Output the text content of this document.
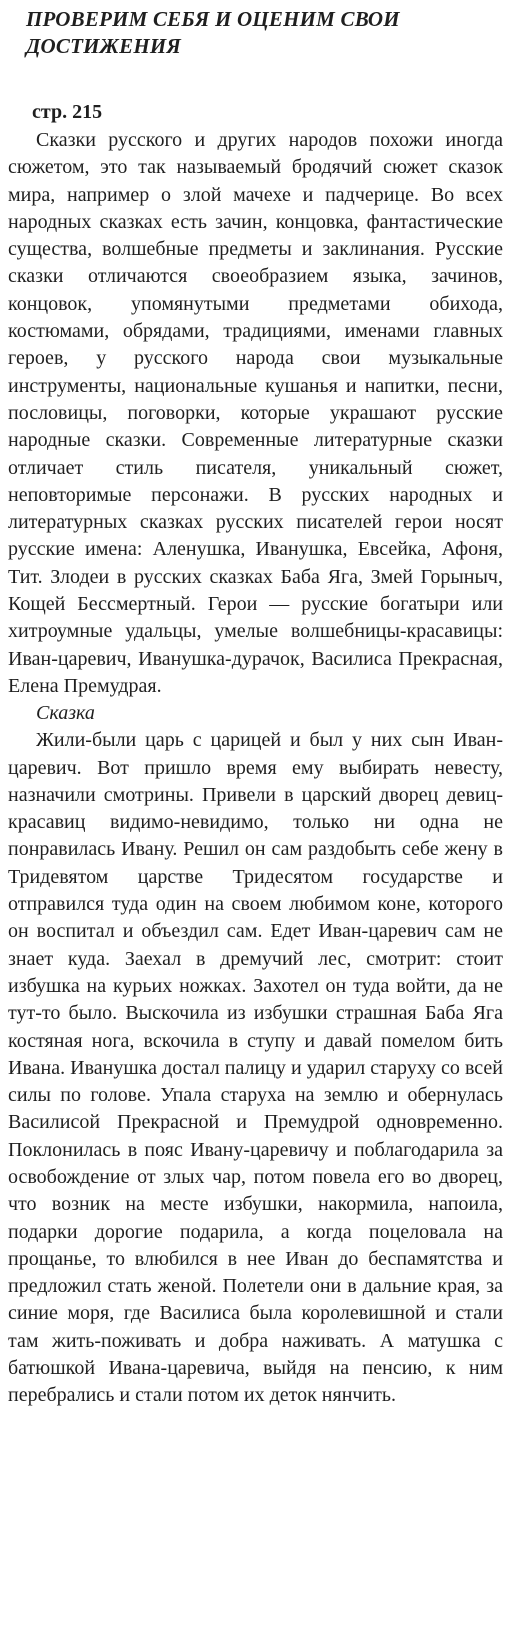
ПРОВЕРИМ СЕБЯ И ОЦЕНИМ СВОИ
ДОСТИЖЕНИЯ
стр. 215

Сказки русского и других народов похожи иногда сюжетом, это так называемый бродячий сюжет сказок мира, например о злой мачехе и падчерице. Во всех народных сказках есть зачин, концовка, фантастические существа, волшебные предметы и заклинания. Русские сказки отличаются своеобразием языка, зачинов, концовок, упомянутыми предметами обихода, костюмами, обрядами, традициями, именами главных героев, у русского народа свои музыкальные инструменты, национальные кушанья и напитки, песни, пословицы, поговорки, которые украшают русские народные сказки. Современные литературные сказки отличает стиль писателя, уникальный сюжет, неповторимые персонажи. В русских народных и литературных сказках русских писателей герои носят русские имена: Аленушка, Иванушка, Евсейка, Афоня, Тит. Злодеи в русских сказках Баба Яга, Змей Горыныч, Кощей Бессмертный. Герои — русские богатыри или хитроумные удальцы, умелые волшебницы-красавицы: Иван-царевич, Иванушка-дурачок, Василиса Прекрасная, Елена Премудрая.

Сказка

Жили-были царь с царицей и был у них сын Иван-царевич. Вот пришло время ему выбирать невесту, назначили смотрины. Привели в царский дворец девиц-красавиц видимо-невидимо, только ни одна не понравилась Ивану. Решил он сам раздобыть себе жену в Тридевятом царстве Тридесятом государстве и отправился туда один на своем любимом коне, которого он воспитал и объездил сам. Едет Иван-царевич сам не знает куда. Заехал в дремучий лес, смотрит: стоит избушка на курьих ножках. Захотел он туда войти, да не тут-то было. Выскочила из избушки страшная Баба Яга костяная нога, вскочила в ступу и давай помелом бить Ивана. Иванушка достал палицу и ударил старуху со всей силы по голове. Упала старуха на землю и обернулась Василисой Прекрасной и Премудрой одновременно. Поклонилась в пояс Ивану-царевичу и поблагодарила за освобождение от злых чар, потом повела его во дворец, что возник на месте избушки, накормила, напоила, подарки дорогие подарила, а когда поцеловала на прощанье, то влюбился в нее Иван до беспамятства и предложил стать женой. Полетели они в дальние края, за синие моря, где Василиса была королевишной и стали там жить-поживать и добра наживать. А матушка с батюшкой Ивана-царевича, выйдя на пенсию, к ним перебрались и стали потом их деток нянчить.
